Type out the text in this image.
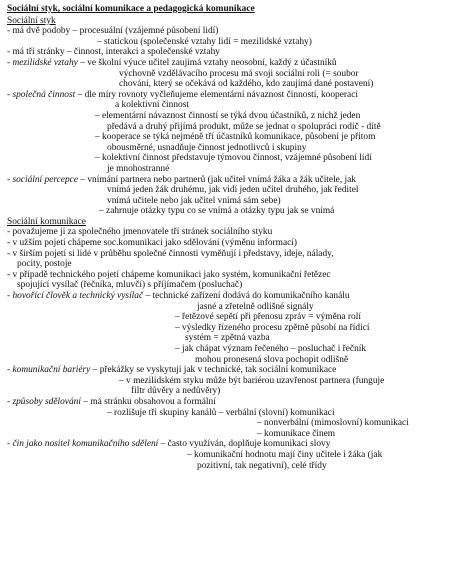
Sociální styk, sociální komunikace a pedagogická komunikace
Sociální styk
- má dvě podoby – procesuální (vzájemné působení lidí)
– statickou (společenské vztahy lidí = mezilidské vztahy)
- má tři stránky – činnost, interakci a společenské vztahy
- mezilidské vztahy – ve školní výuce učitel zaujímá vztahy neosobní, každý z účastníků
výchovně vzdělávacího procesu má svoji sociální roli (= soubor
chování, který se očekává od každého, kdo zaujímá dané postavení)
- společná činnost – dle míry rovnoty vyčleňujeme elementární návaznost činností, kooperaci
a kolektivní činnost
– elementární návaznost činností se týká dvou účastníků, z nichž jeden
předává a druhý přijímá produkt, může se jednat o spolupráci rodič - dítě
– kooperace se týká nejméně tří účastníků komunikace, působení je přitom
obousměrné, usnadňuje činnost jednotlivců i skupiny
– kolektivní činnost představuje týmovou činnost, vzájemné působení lidí
je mnohostranné
- sociální percepce – vnímání partnera nebo partnerů (jak učitel vnímá žáka a žák učitele, jak
vnímá jeden žák druhému, jak vidí jeden učitel druhého, jak ředitel
vnímá učitele nebo jak učitel vnímá sám sebe)
– zahrnuje otázky typu co se vnímá a otázky typu jak se vnímá
Sociální komunikace
- považujeme ji za společného jmenovatele tří stránek sociálního styku
- v užším pojetí chápeme soc.komunikaci jako sdělování (výměnu informací)
- v širším pojetí si lidé v průběhu společné činnosti vyměňují i představy, ideje, nálady,
pocity, postoje
- v případě technického pojetí chápeme komunikaci jako systém, komunikační řetězec
spojující vysílač (řečníka, mluvčí) s příjímačem (posluchač)
- hovořící člověk a technický vysílač – technické zařízení dodává do komunikačního kanálu
jasné a zřetelně odlišné signály
– řetězové sepětí při přenosu zpráv = výměna rolí
– výsledky řízeného procesu zpětně působí na řídicí
systém = zpětná vazba
– jak chápat význam řečeného – posluchač i řečník
mohou pronesená slova pochopit odlišně
- komunikační bariéry – překážky se vyskytují jak v technické, tak sociální komunikace
– v mezilidském styku může být bariérou uzavřenost partnera (funguje
filtr důvěry a nedůvěry)
- způsoby sdělování – má stránku obsahovou a formální
– rozlišuje tři skupiny kanálů – verbální (slovní) komunikaci
– nonverbální (mimoslovní) komunikaci
– komunikace činem
- čin jako nositel komunikačního sdělení – často využíván, doplňuje komunikaci slovy
– komunikační hodnotu mají činy učitele i žáka (jak
pozitivní, tak negativní), celé třídy
